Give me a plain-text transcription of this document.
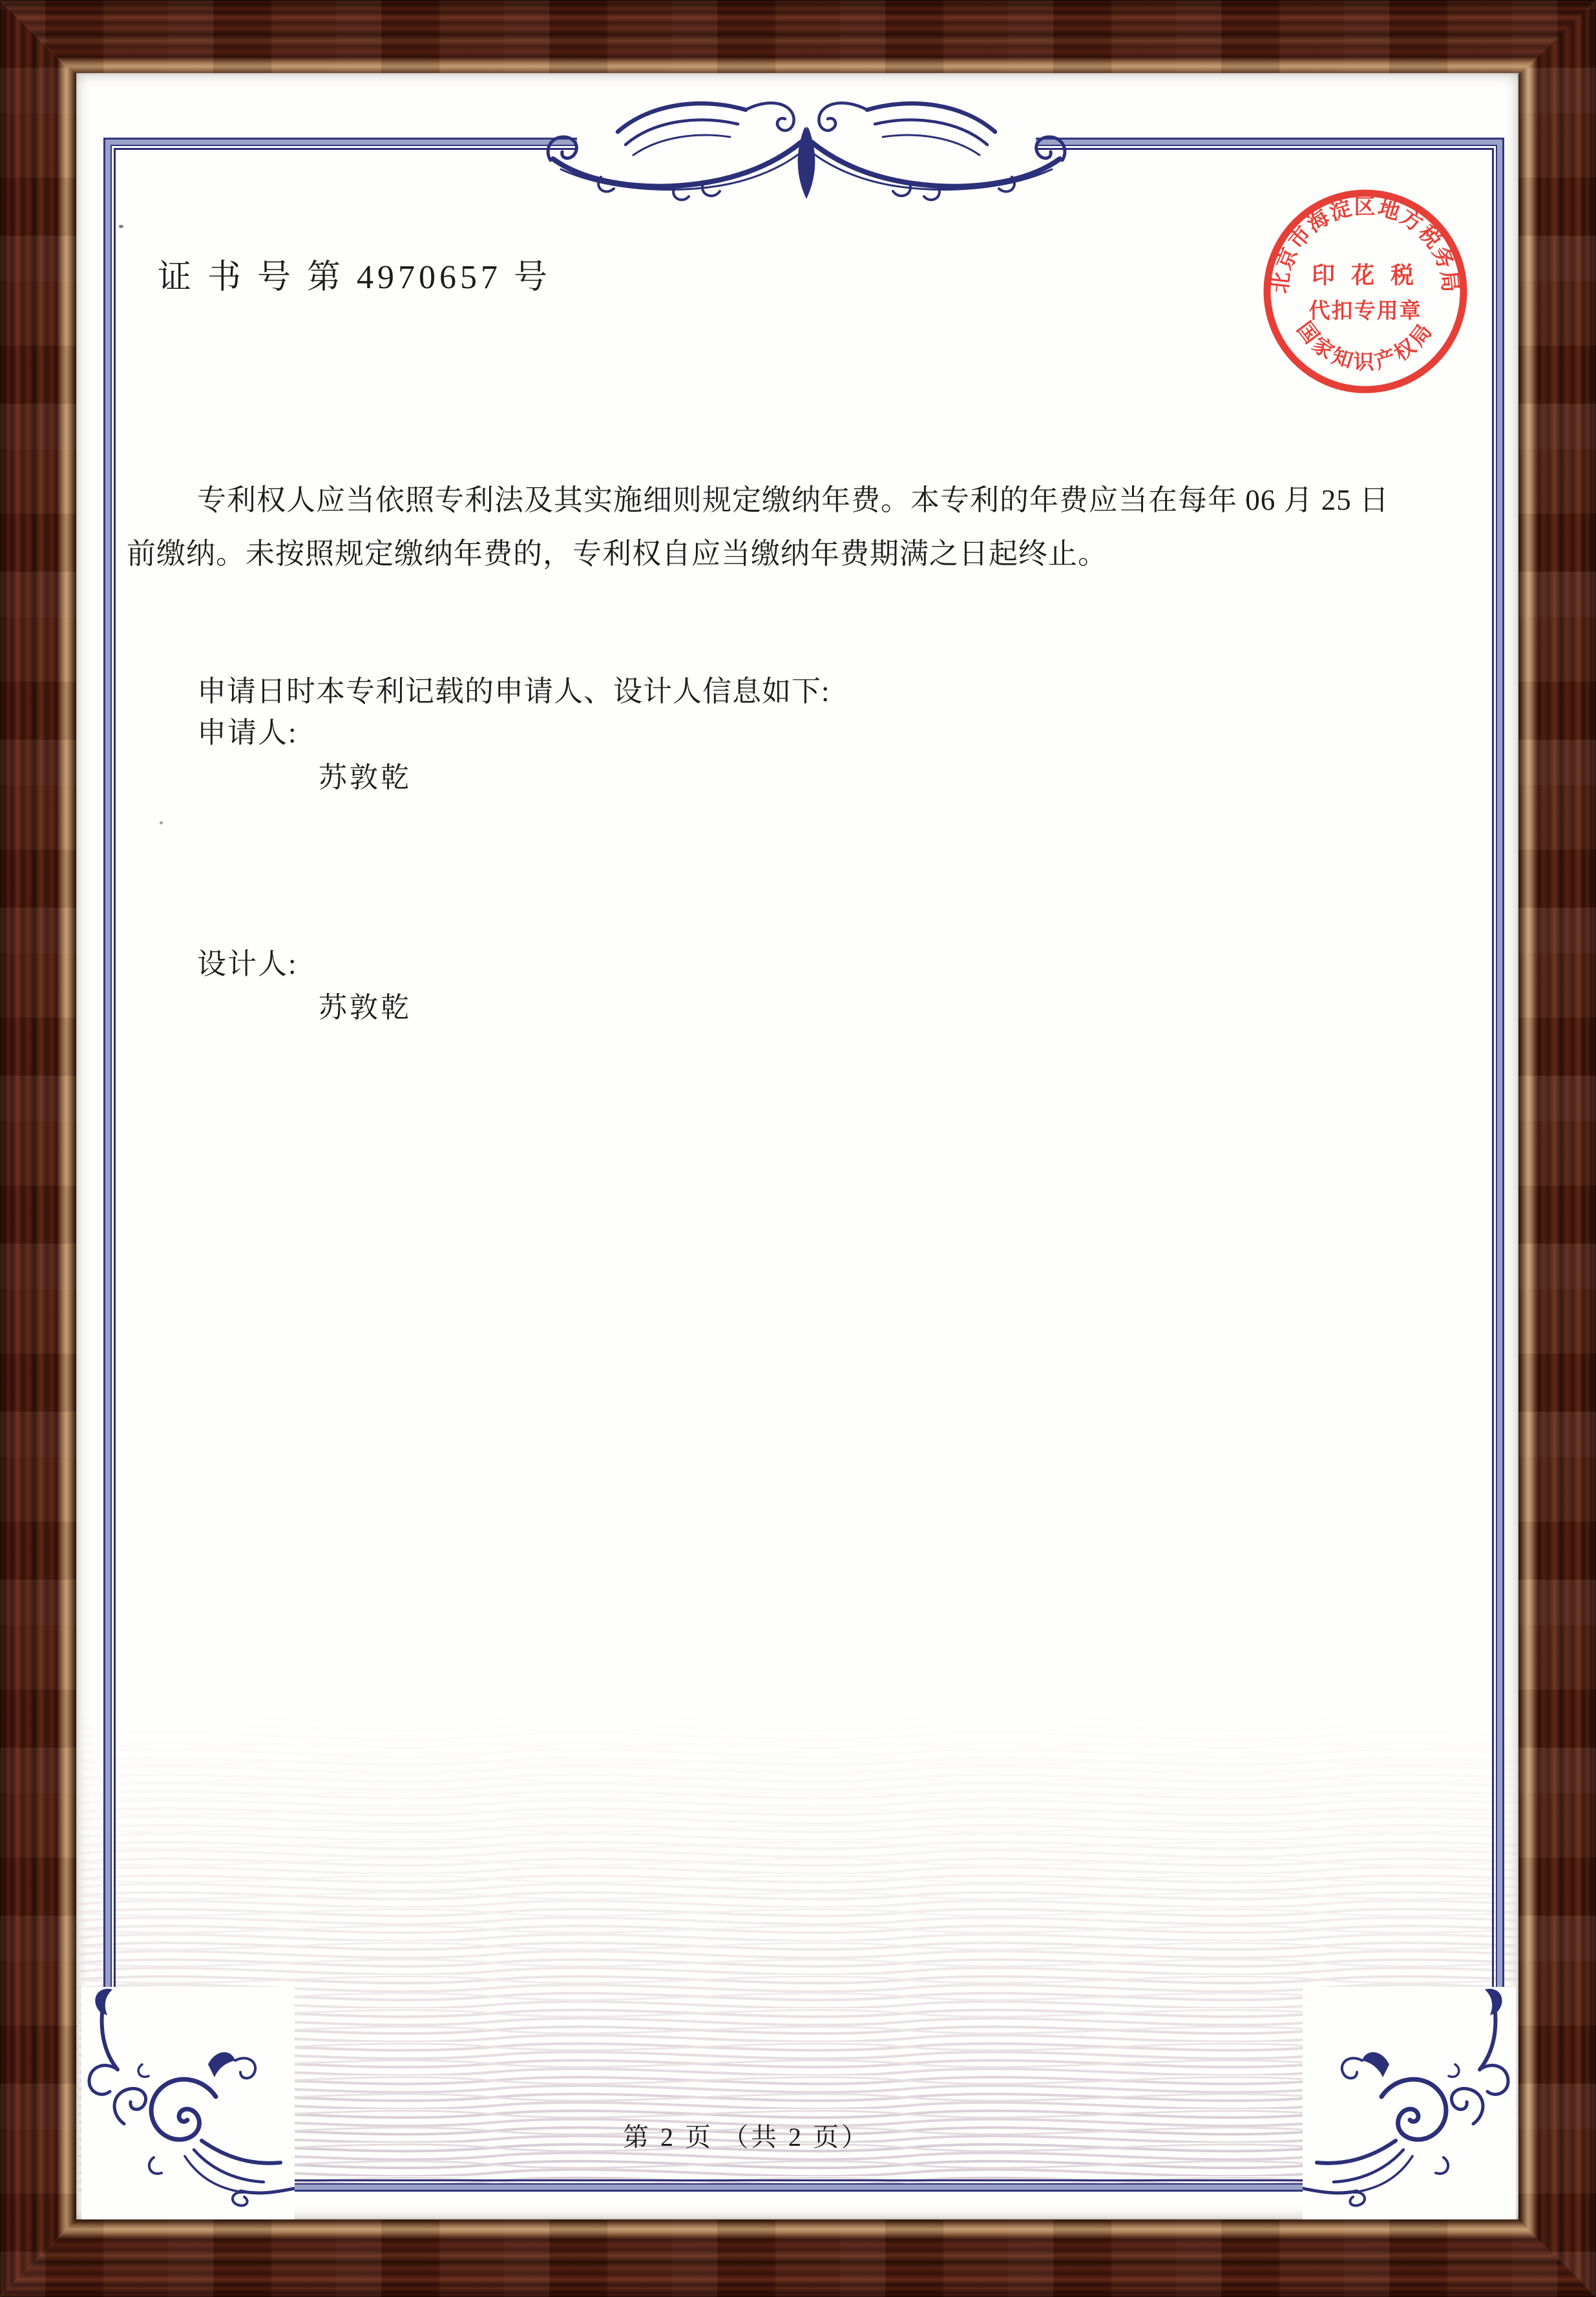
北京市海淀区地方税务局
国家知识产权局
印 花 税
代扣专用章
证 书 号 第 4970657 号
专利权人应当依照专利法及其实施细则规定缴纳年费。本专利的年费应当在每年 06 月 25 日
前缴纳。未按照规定缴纳年费的，专利权自应当缴纳年费期满之日起终止。
申请日时本专利记载的申请人、设计人信息如下:
申请人:
苏敦乾
设计人:
苏敦乾
第 2 页 （共 2 页）
